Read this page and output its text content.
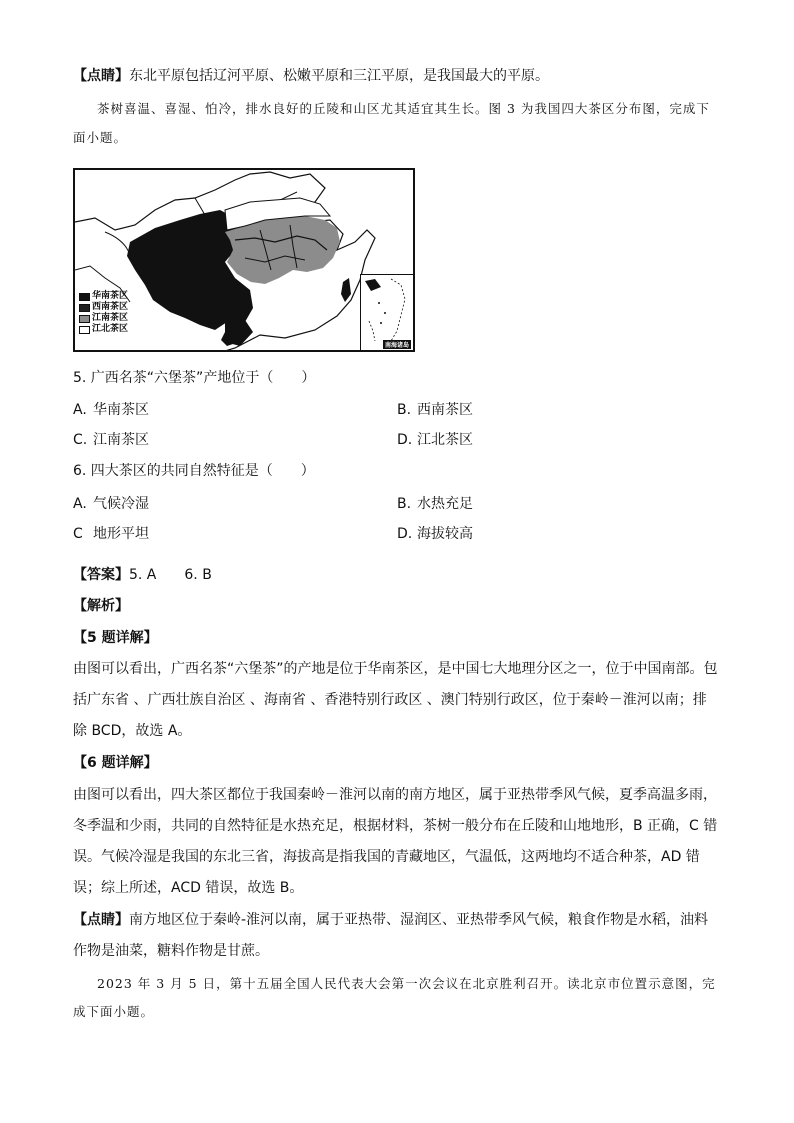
【点睛】东北平原包括辽河平原、松嫩平原和三江平原，是我国最大的平原。
茶树喜温、喜湿、怕冷，排水良好的丘陵和山区尤其适宜其生长。图 3 为我国四大茶区分布图，完成下
面小题。
华南茶区
西南茶区
江南茶区
江北茶区
南海诸岛
5. 广西名茶“六堡茶”产地位于（　　）
A. 华南茶区	B. 西南茶区
C. 江南茶区	D. 江北茶区
6. 四大茶区的共同自然特征是（　　）
A. 气候冷湿	B. 水热充足
C 地形平坦	D. 海拔较高
【答案】5. A　　6. B
【解析】
【5 题详解】
由图可以看出，广西名茶“六堡茶”的产地是位于华南茶区，是中国七大地理分区之一，位于中国南部。包
括广东省 、广西壮族自治区 、海南省 、香港特别行政区 、澳门特别行政区，位于秦岭－淮河以南；排
除 BCD，故选 A。
【6 题详解】
由图可以看出，四大茶区都位于我国秦岭－淮河以南的南方地区，属于亚热带季风气候，夏季高温多雨，
冬季温和少雨，共同的自然特征是水热充足，根据材料，茶树一般分布在丘陵和山地地形，B 正确，C 错
误。气候冷湿是我国的东北三省，海拔高是指我国的青藏地区，气温低，这两地均不适合种茶，AD 错
误；综上所述，ACD 错误，故选 B。
【点睛】南方地区位于秦岭-淮河以南，属于亚热带、湿润区、亚热带季风气候，粮食作物是水稻，油料
作物是油菜，糖料作物是甘蔗。
2023 年 3 月 5 日，第十五届全国人民代表大会第一次会议在北京胜利召开。读北京市位置示意图，完
成下面小题。
